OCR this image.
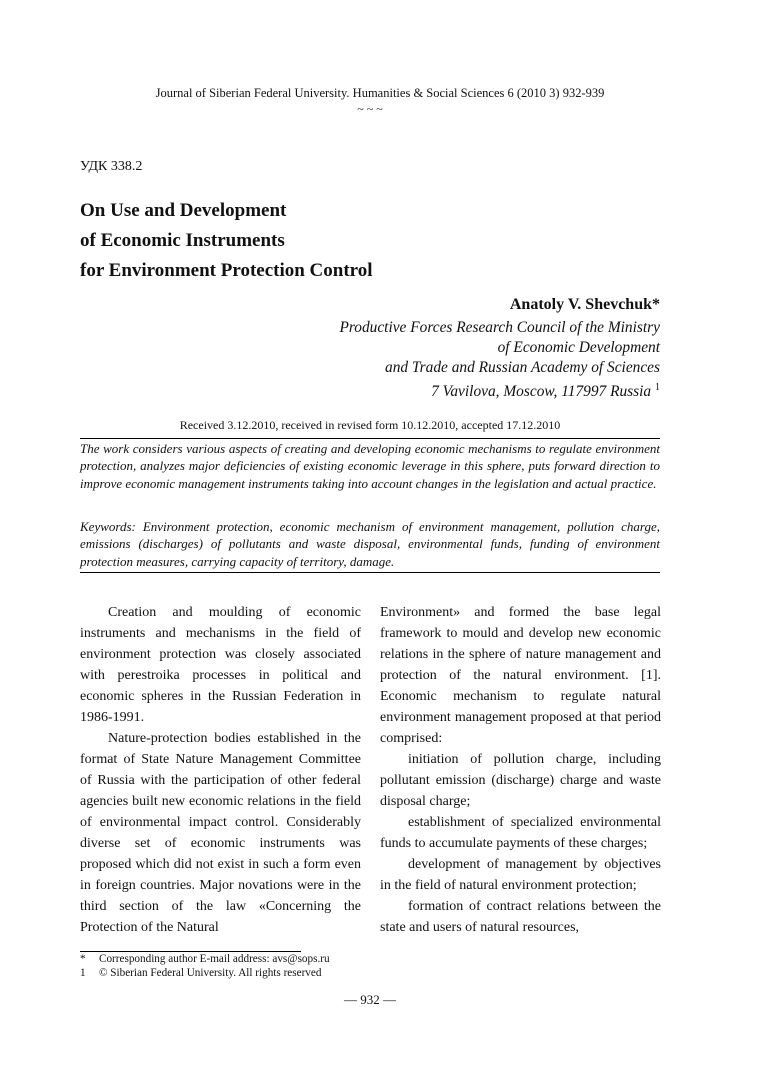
Journal of Siberian Federal University. Humanities & Social Sciences 6 (2010 3) 932-939
~ ~ ~
УДК 338.2
On Use and Development
of Economic Instruments
for Environment Protection Control
Anatoly V. Shevchuk*
Productive Forces Research Council of the Ministry
of Economic Development
and Trade and Russian Academy of Sciences
7 Vavilova, Moscow, 117997 Russia $^1$
Received 3.12.2010, received in revised form 10.12.2010, accepted 17.12.2010
The work considers various aspects of creating and developing economic mechanisms to regulate environment protection, analyzes major deficiencies of existing economic leverage in this sphere, puts forward direction to improve economic management instruments taking into account changes in the legislation and actual practice.
Keywords: Environment protection, economic mechanism of environment management, pollution charge, emissions (discharges) of pollutants and waste disposal, environmental funds, funding of environment protection measures, carrying capacity of territory, damage.

Creation and moulding of economic instruments and mechanisms in the field of environment protection was closely associated with perestroika processes in political and economic spheres in the Russian Federation in 1986-1991.

Nature-protection bodies established in the format of State Nature Management Committee of Russia with the participation of other federal agencies built new economic relations in the field of environmental impact control. Considerably diverse set of economic instruments was proposed which did not exist in such a form even in foreign countries. Major novations were in the third section of the law «Concerning the Protection of the Natural

Environment» and formed the base legal framework to mould and develop new economic relations in the sphere of nature management and protection of the natural environment. [1]. Economic mechanism to regulate natural environment management proposed at that period comprised:

initiation of pollution charge, including pollutant emission (discharge) charge and waste disposal charge;

establishment of specialized environmental funds to accumulate payments of these charges;

development of management by objectives in the field of natural environment protection;

formation of contract relations between the state and users of natural resources,

* Corresponding author E-mail address: avs@sops.ru
1 © Siberian Federal University. All rights reserved
— 932 —
